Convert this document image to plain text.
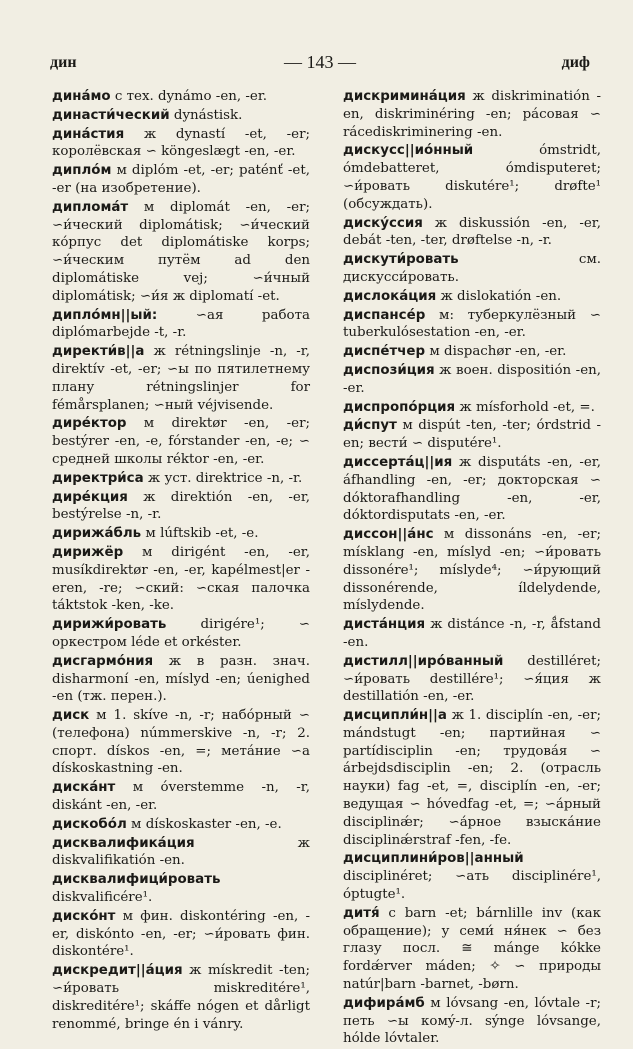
дин	— 143 —	диф
дина́мо с тех. dynámo -en, -er.
династи́ческий dynástisk.
дина́стия ж dynastí -et, -er; королёвская ∽ köngeslægt -en, -er.
дипло́м м diplóm -et, -er; paténť -et, -er (на изобретение).
диплома́т м diplomát -en, -er; ∽и́ческий diplomátisk; ∽и́ческий ко́рпус det diplomátiske korps; ∽и́ческим путём ad den diplomátiske vej; ∽и́чный diplomátisk; ∽и́я ж diplomatí -et.
диплóмн||ый: ∽ая работа diplómarbejde -t, -r.
директи́в||а ж rétningslinje -n, -r, direktív -et, -er; ∽ы по пятилетнему плану rétningslinjer for fémårsplanen; ∽ный véjvisende.
дирéктор м direktør -en, -er; bestýrer -en, -e, fórstander -en, -e; ∽ средней школы réktor -en, -er.
директри́са ж уст. direktrice -n, -r.
дирéкция ж direktión -en, -er, bestýrelse -n, -r.
дирижа́бль м lúftskib -et, -e.
дирижёр м dirigént -en, -er, musíkdirektør -en, -er, kapélmest|er -eren, -re; ∽ский: ∽ская палочка táktstok -ken, -ke.
дирижи́ровать dirigére¹; ∽ оркестром léde et orkéster.
дисгармо́ния ж в разн. знач. disharmoní -en, míslyd -en; úenighed -en (тж. перен.).
диск м 1. skíve -n, -r; набóрный ∽ (телефона) númmerskive -n, -r; 2. спорт. dískos -en, =; метáние ∽а dískoskastning -en.
дискáнт м óverstemme -n, -r, diskánt -en, -er.
дискобо́л м dískoskaster -en, -e.
дисквалифика́ция ж diskvalifikatión -en.
дисквалифици́ровать diskvalificére¹.
диско́нт м фин. diskontéring -en, -er, diskónto -en, -er; ∽и́ровать фин. diskontére¹.
дискредит||áция ж mískredit -ten; ∽и́ровать miskreditére¹, diskreditére¹; skáffe nógen et dårligt renommé, bringe én i vánry.
дискримина́ция ж diskriminatión -en, diskriminéring -en; рáсовая ∽ rácediskriminering -en.
дискусс||ио́нный ómstridt, ómdebatteret, ómdisputeret; ∽и́ровать diskutére¹; drøfte¹ (обсуждать).
диску́ссия ж diskussión -en, -er, debát -ten, -ter, drøftelse -n, -r.
дискути́ровать см. дискусси́ровать.
дислока́ция ж dislokatión -en.
диспансéр м: туберкулёзный ∽ tuberkulósestation -en, -er.
диспéтчер м dispachør -en, -er.
диспози́ция ж воен. dispositión -en, -er.
диспропо́рция ж mísforhold -et, =.
ди́спут м dispút -ten, -ter; órdstrid -en; вести́ ∽ disputére¹.
диссертáц||ия ж disputáts -en, -er, áfhandling -en, -er; докторская ∽ dóktorafhandling -en, -er, dóktordisputats -en, -er.
диссон||áнс м dissonáns -en, -er; mísklang -en, míslyd -en; ∽и́ровать dissonére¹; míslyde⁴; ∽и́рующий dissonérende, íldelydende, míslydende.
дистáнция ж distánce -n, -r, ǻfstand -en.
дистилл||иро́ванный destilléret; ∽и́ровать destillére¹; ∽я́ция ж destillatión -en, -er.
дисципли́н||а ж 1. disciplín -en, -er; mándstugt -en; партийная ∽ partídisciplin -en; трудовáя ∽ árbejdsdisciplin -en; 2. (отрасль науки) fag -et, =, disciplín -en, -er; ведущая ∽ hóvedfag -et, =; ∽а́рный disciplinǽr; ∽а́рное взыскáние disciplinǽrstraf -fen, -fe.
дисциплини́ров||анный disciplinéret; ∽ать disciplinére¹, óptugte¹.
дитя́ с barn -et; bárnlille inv (как обращение); у семи́ ня́нек ∽ без глазу посл. ≅ mánge kókke fordǽrver máden; ✧ ∽ природы natúr|barn -barnet, -børn.
дифира́мб м lóvsang -en, lóvtale -r; петь ∽ы комý-л. sýnge lóvsange, hólde lóvtaler.
